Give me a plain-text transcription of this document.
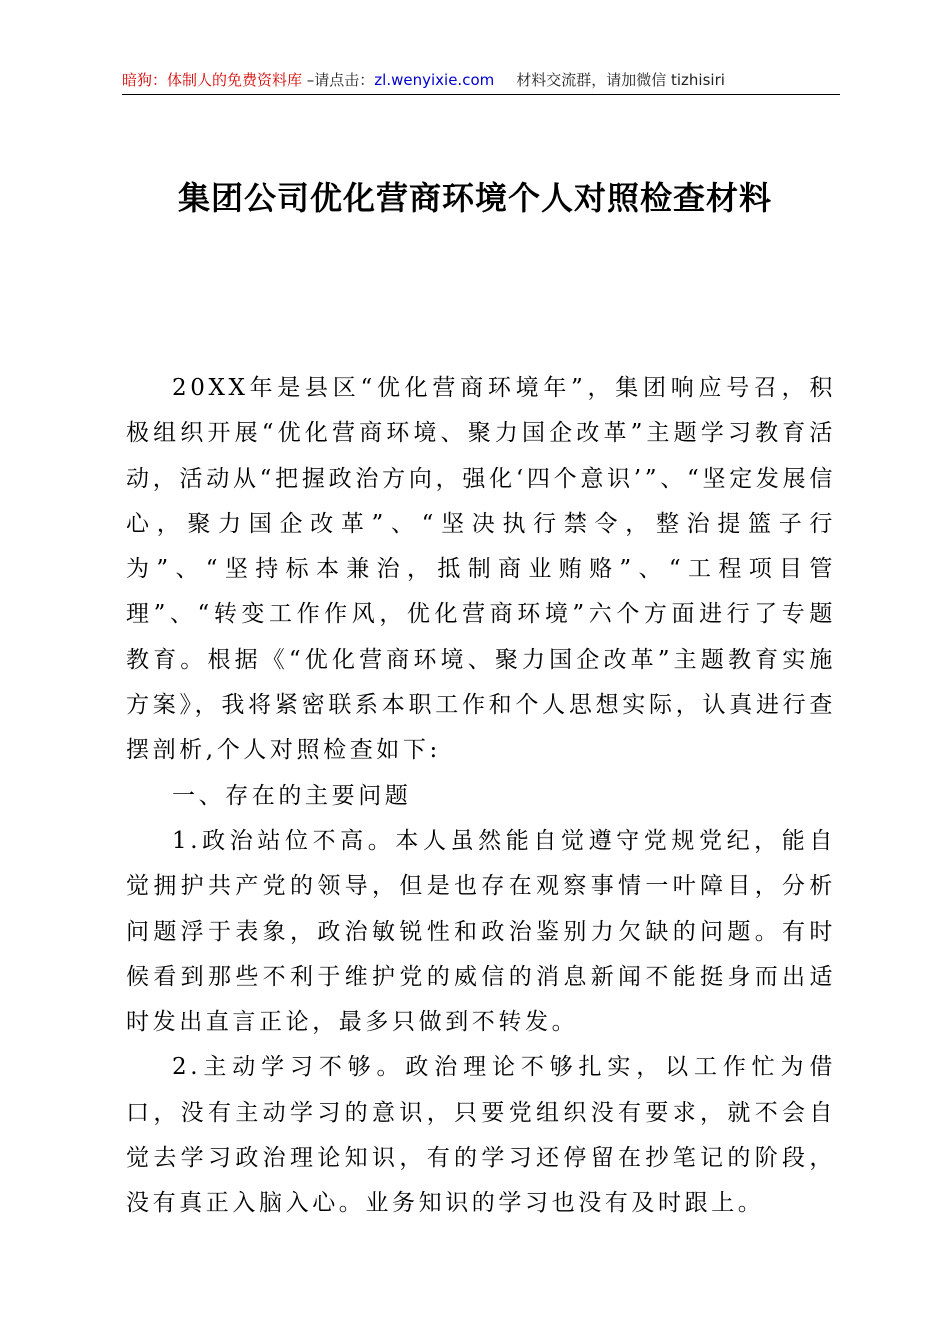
暗狗：体制人的免费资料库 –请点击：zl.wenyixie.com 材料交流群，请加微信 tizhisiri
集团公司优化营商环境个人对照检查材料

20XX年是县区“优化营商环境年”，集团响应号召，积极组织开展“优化营商环境、聚力国企改革”主题学习教育活动，活动从“把握政治方向，强化‘四个意识’”、“坚定发展信心，聚力国企改革”、“坚决执行禁令，整治提篮子行为”、“坚持标本兼治，抵制商业贿赂”、“工程项目管理”、“转变工作作风，优化营商环境”六个方面进行了专题教育。根据《“优化营商环境、聚力国企改革”主题教育实施方案》，我将紧密联系本职工作和个人思想实际，认真进行查摆剖析,个人对照检查如下:

一、存在的主要问题

1.政治站位不高。本人虽然能自觉遵守党规党纪，能自觉拥护共产党的领导，但是也存在观察事情一叶障目，分析问题浮于表象，政治敏锐性和政治鉴别力欠缺的问题。有时候看到那些不利于维护党的威信的消息新闻不能挺身而出适时发出直言正论，最多只做到不转发。

2.主动学习不够。政治理论不够扎实，以工作忙为借口，没有主动学习的意识，只要党组织没有要求，就不会自觉去学习政治理论知识，有的学习还停留在抄笔记的阶段，没有真正入脑入心。业务知识的学习也没有及时跟上。
